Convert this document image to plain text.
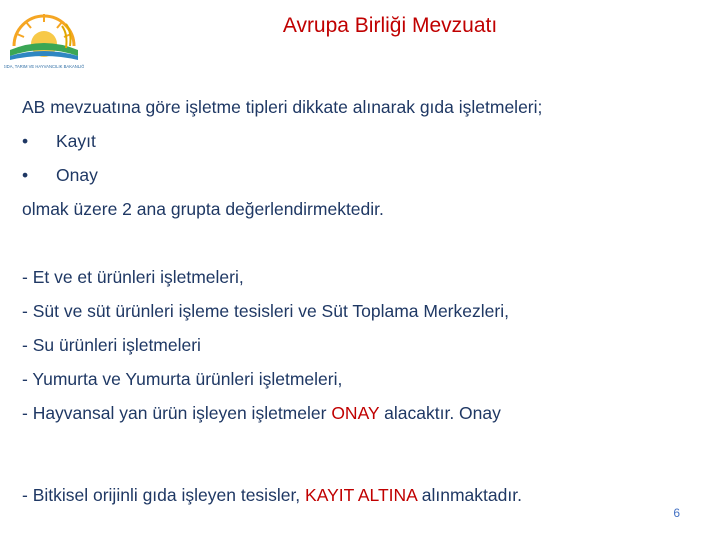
GIDA, TARIM VE HAYVANCILIK BAKANLIĞI
Avrupa Birliği Mevzuatı
AB mevzuatına göre işletme tipleri dikkate alınarak gıda işletmeleri;
• Kayıt
• Onay
olmak üzere 2 ana grupta değerlendirmektedir.
- Et ve et ürünleri işletmeleri,
- Süt ve süt ürünleri işleme tesisleri ve Süt Toplama Merkezleri,
- Su ürünleri işletmeleri
- Yumurta ve Yumurta ürünleri işletmeleri,
- Hayvansal yan ürün işleyen işletmeler ONAY alacaktır. Onay
- Bitkisel orijinli gıda işleyen tesisler, KAYIT ALTINA alınmaktadır.
6
